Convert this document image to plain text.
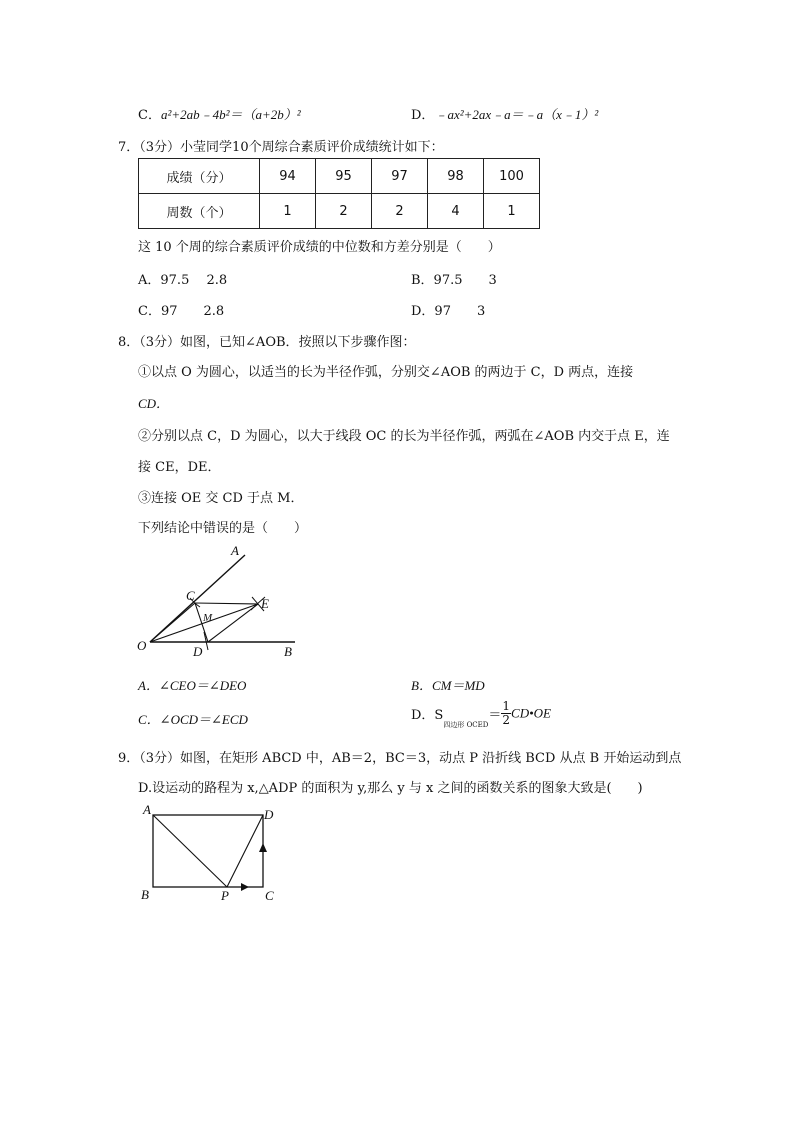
C．a²+2ab﹣4b²＝（a+2b）²	D．﹣ax²+2ax﹣a＝﹣a（x﹣1）²
7．（3分）小莹同学10个周综合素质评价成绩统计如下：
成绩（分）	94	95	97	98	100
周数（个）	1	2	2	4	1
这 10 个周的综合素质评价成绩的中位数和方差分别是（　　）
A．97.5　 2.8	B．97.5　　3
C．97　　2.8	D．97　　3
8．（3分）如图，已知∠AOB．按照以下步骤作图：
①以点 O 为圆心，以适当的长为半径作弧，分别交∠AOB 的两边于 C，D 两点，连接
CD．
②分别以点 C，D 为圆心，以大于线段 OC 的长为半径作弧，两弧在∠AOB 内交于点 E，连
接 CE，DE．
③连接 OE 交 CD 于点 M．
下列结论中错误的是（　　）
A
C
M
E
O	D	B
A．∠CEO＝∠DEO	B．CM＝MD
C．∠OCD＝∠ECD	D．$S_{四边形 OCED}= \frac{1}{2}$ CD•OE
9．（3分）如图，在矩形 ABCD 中，AB＝2，BC＝3，动点 P 沿折线 BCD 从点 B 开始运动到点
D.设运动的路程为 x,△ADP 的面积为 y,那么 y 与 x 之间的函数关系的图象大致是(　　)
A	D
B	P	C
